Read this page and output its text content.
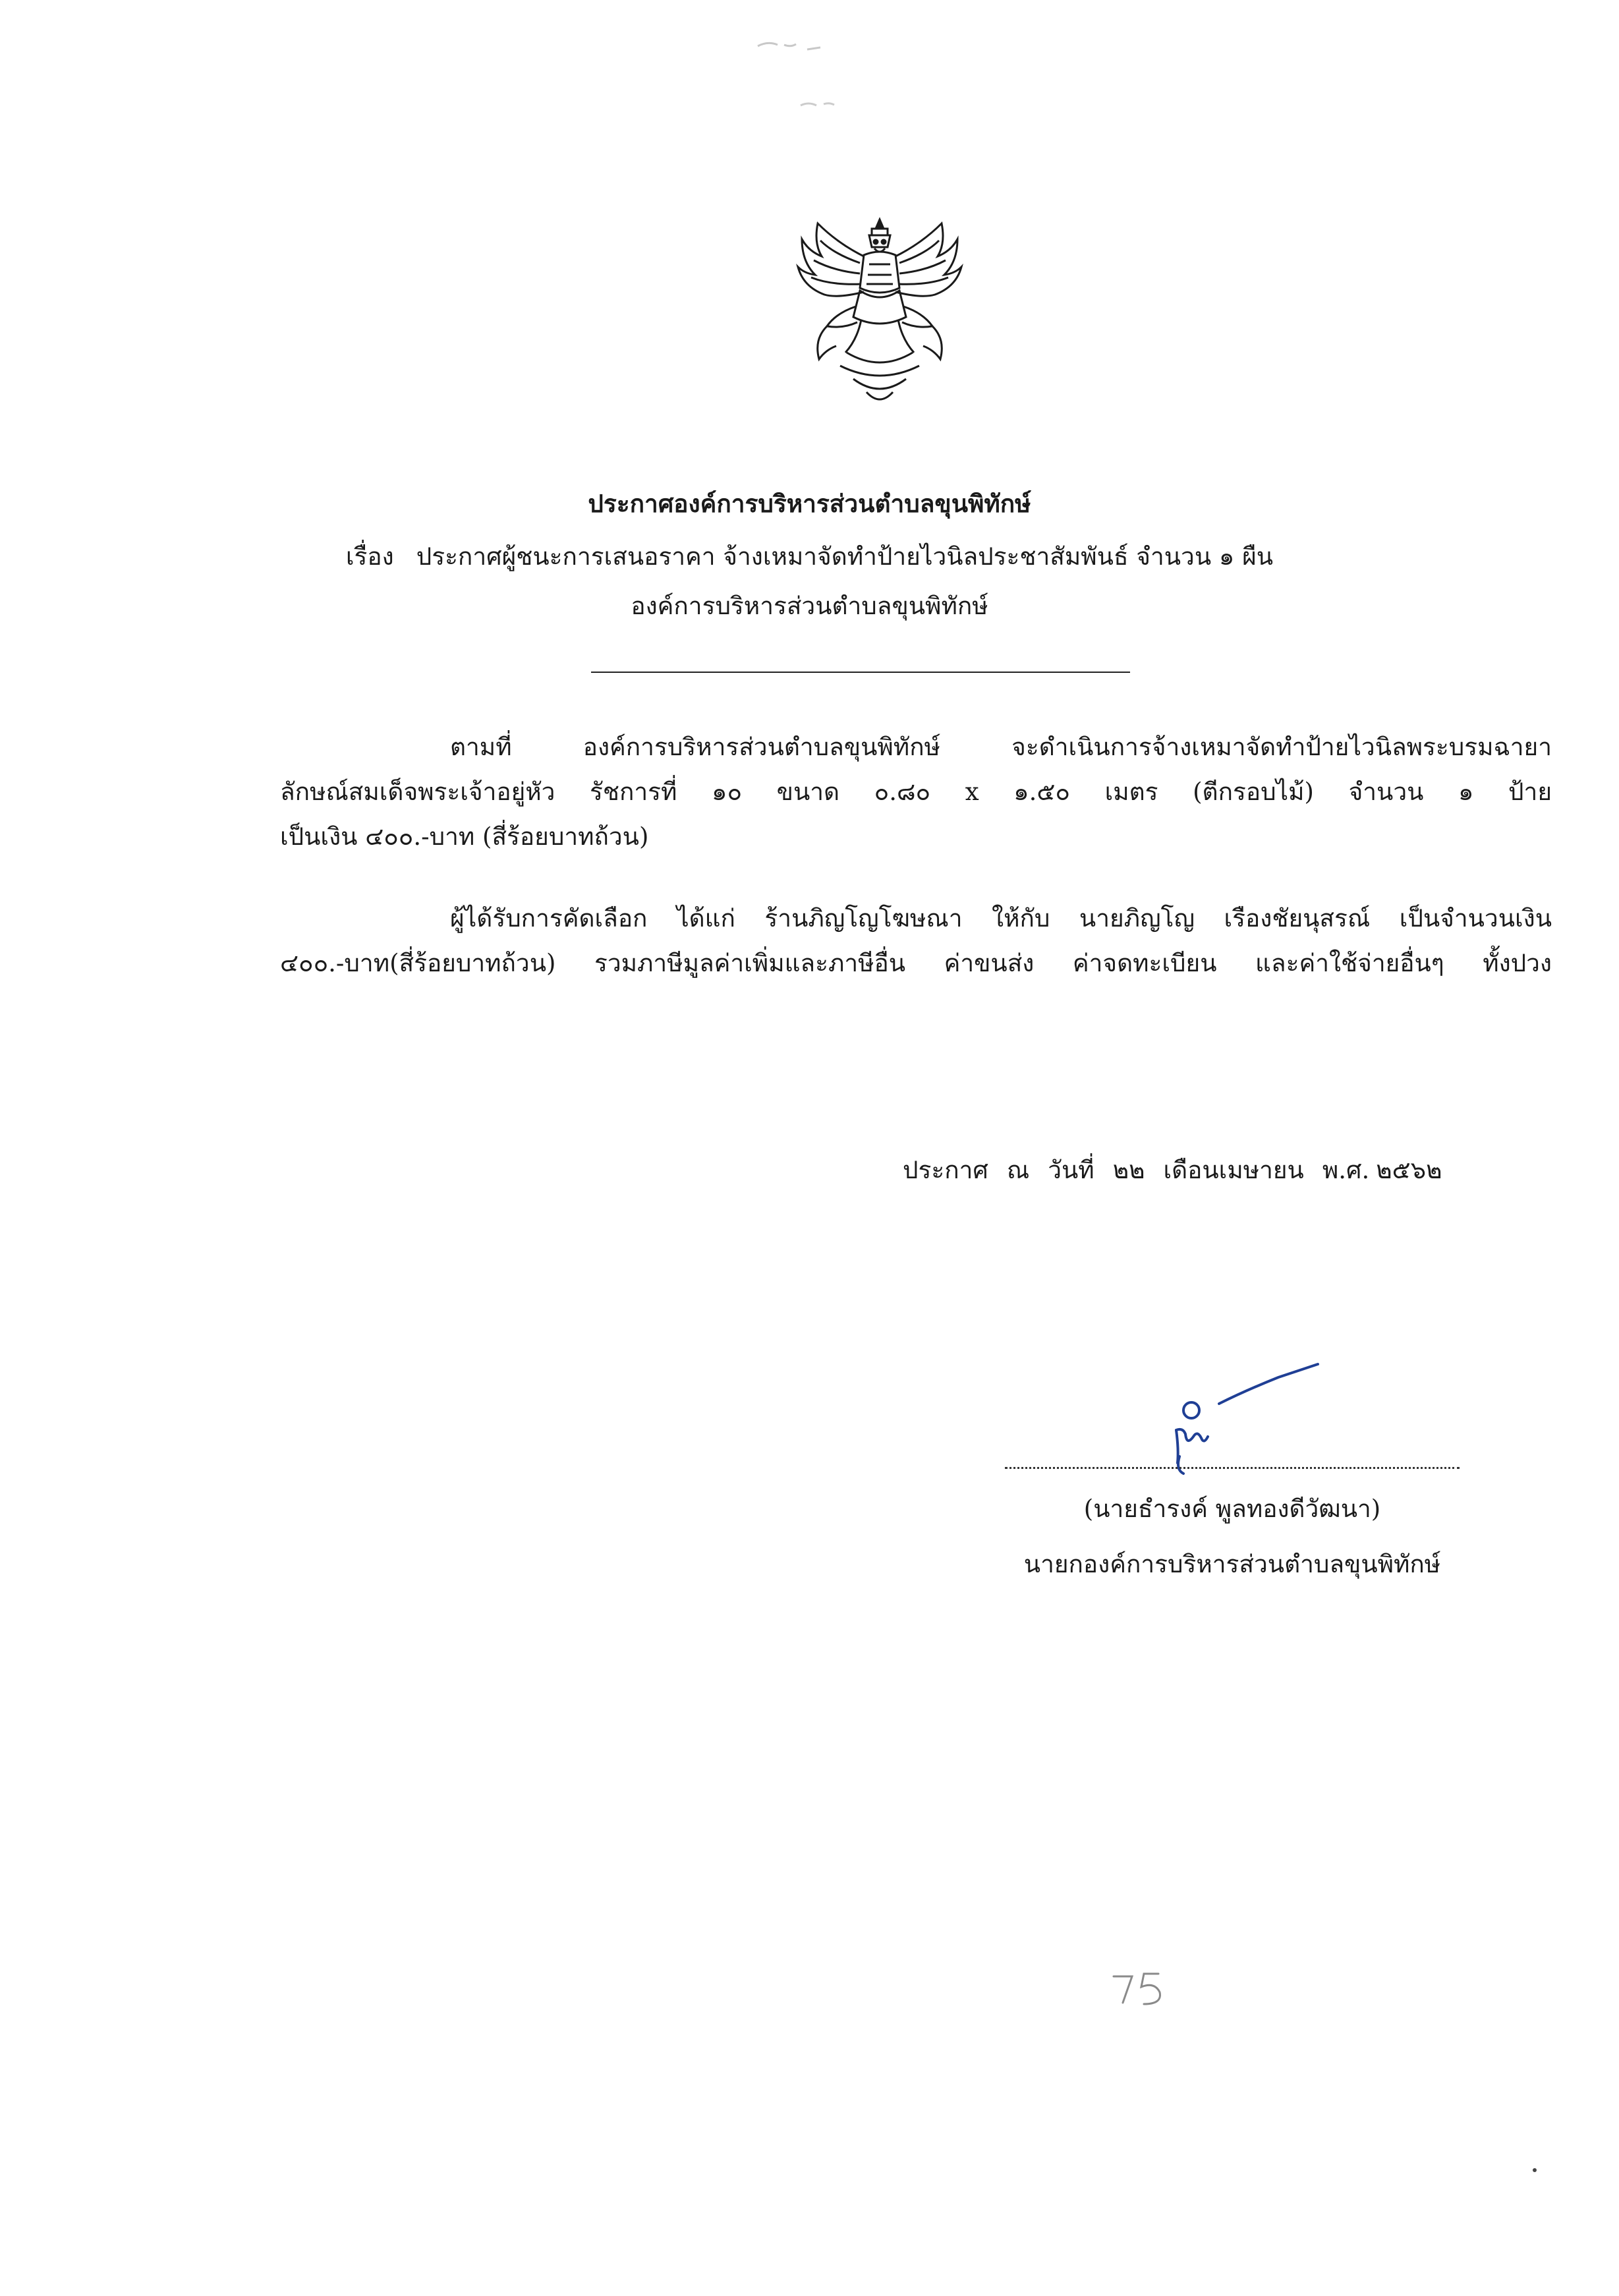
ประกาศองค์การบริหารส่วนตำบลขุนพิทักษ์
เรื่อง ประกาศผู้ชนะการเสนอราคา จ้างเหมาจัดทำป้ายไวนิลประชาสัมพันธ์ จำนวน ๑ ผืน
องค์การบริหารส่วนตำบลขุนพิทักษ์
ตามที่ องค์การบริหารส่วนตำบลขุนพิทักษ์ จะดำเนินการจ้างเหมาจัดทำป้ายไวนิลพระบรมฉายา
ลักษณ์สมเด็จพระเจ้าอยู่หัว รัชการที่ ๑๐ ขนาด ๐.๘๐ x ๑.๕๐ เมตร (ตีกรอบไม้) จำนวน ๑ ป้าย
เป็นเงิน ๔๐๐.-บาท (สี่ร้อยบาทถ้วน)
ผู้ได้รับการคัดเลือก ได้แก่ ร้านภิญโญโฆษณา ให้กับ นายภิญโญ เรืองชัยนุสรณ์ เป็นจำนวนเงิน
๔๐๐.-บาท(สี่ร้อยบาทถ้วน) รวมภาษีมูลค่าเพิ่มและภาษีอื่น ค่าขนส่ง ค่าจดทะเบียน และค่าใช้จ่ายอื่นๆ ทั้งปวง
ประกาศ ณ วันที่ ๒๒ เดือนเมษายน พ.ศ. ๒๕๖๒
(นายธำรงค์ พูลทองดีวัฒนา)
นายกองค์การบริหารส่วนตำบลขุนพิทักษ์
